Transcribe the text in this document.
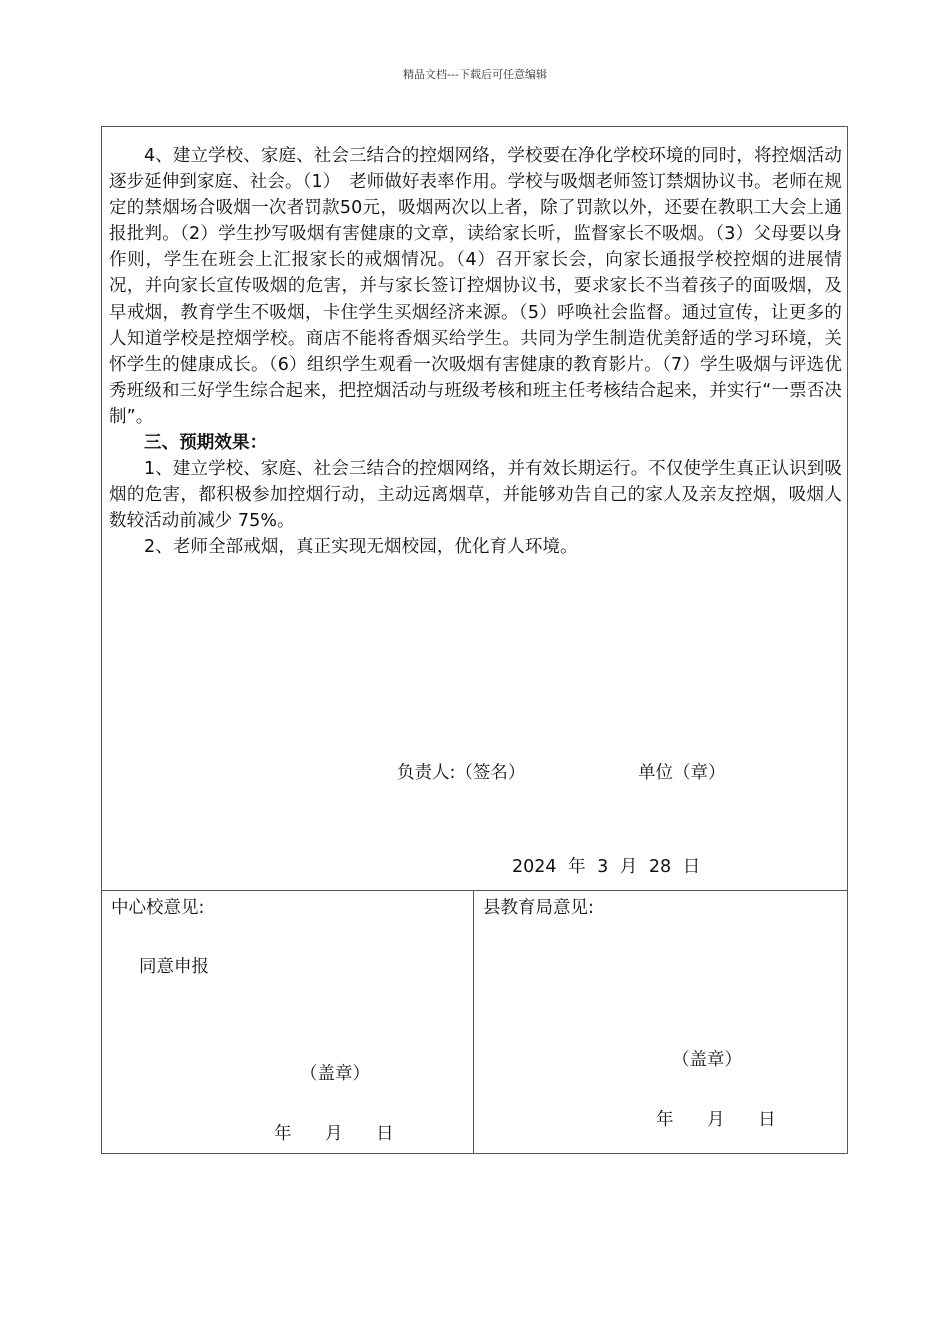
精品文档---下载后可任意编辑

4、建立学校、家庭、社会三结合的控烟网络，学校要在净化学校环境的同时，将控烟活动逐步延伸到家庭、社会。（1）　老师做好表率作用。学校与吸烟老师签订禁烟协议书。老师在规定的禁烟场合吸烟一次者罚款50元，吸烟两次以上者，除了罚款以外，还要在教职工大会上通报批判。（2）学生抄写吸烟有害健康的文章，读给家长听，监督家长不吸烟。（3）父母要以身作则，学生在班会上汇报家长的戒烟情况。（4）召开家长会，向家长通报学校控烟的进展情况，并向家长宣传吸烟的危害，并与家长签订控烟协议书，要求家长不当着孩子的面吸烟，及早戒烟，教育学生不吸烟，卡住学生买烟经济来源。（5）呼唤社会监督。通过宣传，让更多的人知道学校是控烟学校。商店不能将香烟买给学生。共同为学生制造优美舒适的学习环境，关怀学生的健康成长。（6）组织学生观看一次吸烟有害健康的教育影片。（7）学生吸烟与评选优秀班级和三好学生综合起来，把控烟活动与班级考核和班主任考核结合起来，并实行“一票否决制”。

三、预期效果：

1、建立学校、家庭、社会三结合的控烟网络，并有效长期运行。不仅使学生真正认识到吸烟的危害，都积极参加控烟行动，主动远离烟草，并能够劝告自己的家人及亲友控烟，吸烟人数较活动前减少 75%。

2、老师全部戒烟，真正实现无烟校园，优化育人环境。

负责人:（签名）	单位（章）
2024 年 3 月 28 日
中心校意见:
同意申报
（盖章）
年 月 日
县教育局意见:
（盖章）
年 月 日
